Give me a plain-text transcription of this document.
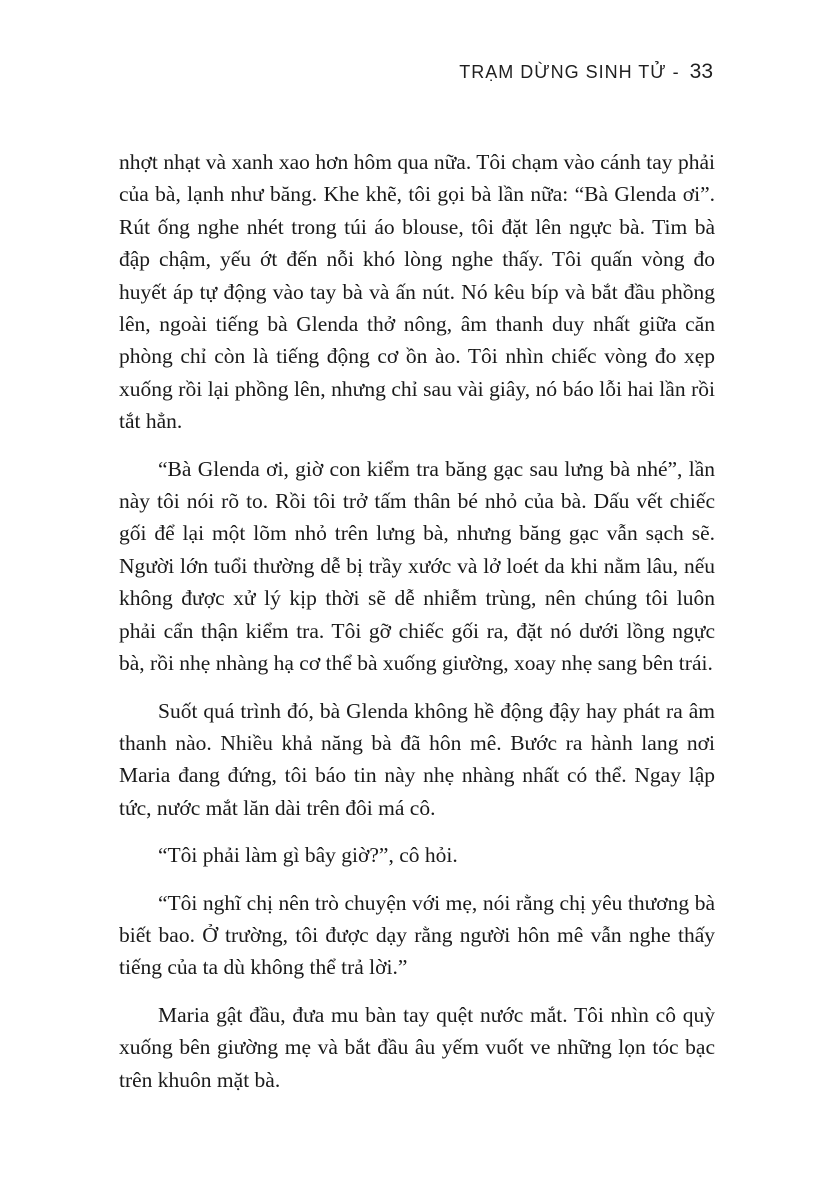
TRẠM DỪNG SINH TỬ - 33

nhợt nhạt và xanh xao hơn hôm qua nữa. Tôi chạm vào cánh tay phải của bà, lạnh như băng. Khe khẽ, tôi gọi bà lần nữa: “Bà Glenda ơi”. Rút ống nghe nhét trong túi áo blouse, tôi đặt lên ngực bà. Tim bà đập chậm, yếu ớt đến nỗi khó lòng nghe thấy. Tôi quấn vòng đo huyết áp tự động vào tay bà và ấn nút. Nó kêu bíp và bắt đầu phồng lên, ngoài tiếng bà Glenda thở nông, âm thanh duy nhất giữa căn phòng chỉ còn là tiếng động cơ ồn ào. Tôi nhìn chiếc vòng đo xẹp xuống rồi lại phồng lên, nhưng chỉ sau vài giây, nó báo lỗi hai lần rồi tắt hẳn.

“Bà Glenda ơi, giờ con kiểm tra băng gạc sau lưng bà nhé”, lần này tôi nói rõ to. Rồi tôi trở tấm thân bé nhỏ của bà. Dấu vết chiếc gối để lại một lõm nhỏ trên lưng bà, nhưng băng gạc vẫn sạch sẽ. Người lớn tuổi thường dễ bị trầy xước và lở loét da khi nằm lâu, nếu không được xử lý kịp thời sẽ dễ nhiễm trùng, nên chúng tôi luôn phải cẩn thận kiểm tra. Tôi gỡ chiếc gối ra, đặt nó dưới lồng ngực bà, rồi nhẹ nhàng hạ cơ thể bà xuống giường, xoay nhẹ sang bên trái.

Suốt quá trình đó, bà Glenda không hề động đậy hay phát ra âm thanh nào. Nhiều khả năng bà đã hôn mê. Bước ra hành lang nơi Maria đang đứng, tôi báo tin này nhẹ nhàng nhất có thể. Ngay lập tức, nước mắt lăn dài trên đôi má cô.

“Tôi phải làm gì bây giờ?”, cô hỏi.

“Tôi nghĩ chị nên trò chuyện với mẹ, nói rằng chị yêu thương bà biết bao. Ở trường, tôi được dạy rằng người hôn mê vẫn nghe thấy tiếng của ta dù không thể trả lời.”

Maria gật đầu, đưa mu bàn tay quệt nước mắt. Tôi nhìn cô quỳ xuống bên giường mẹ và bắt đầu âu yếm vuốt ve những lọn tóc bạc trên khuôn mặt bà.
